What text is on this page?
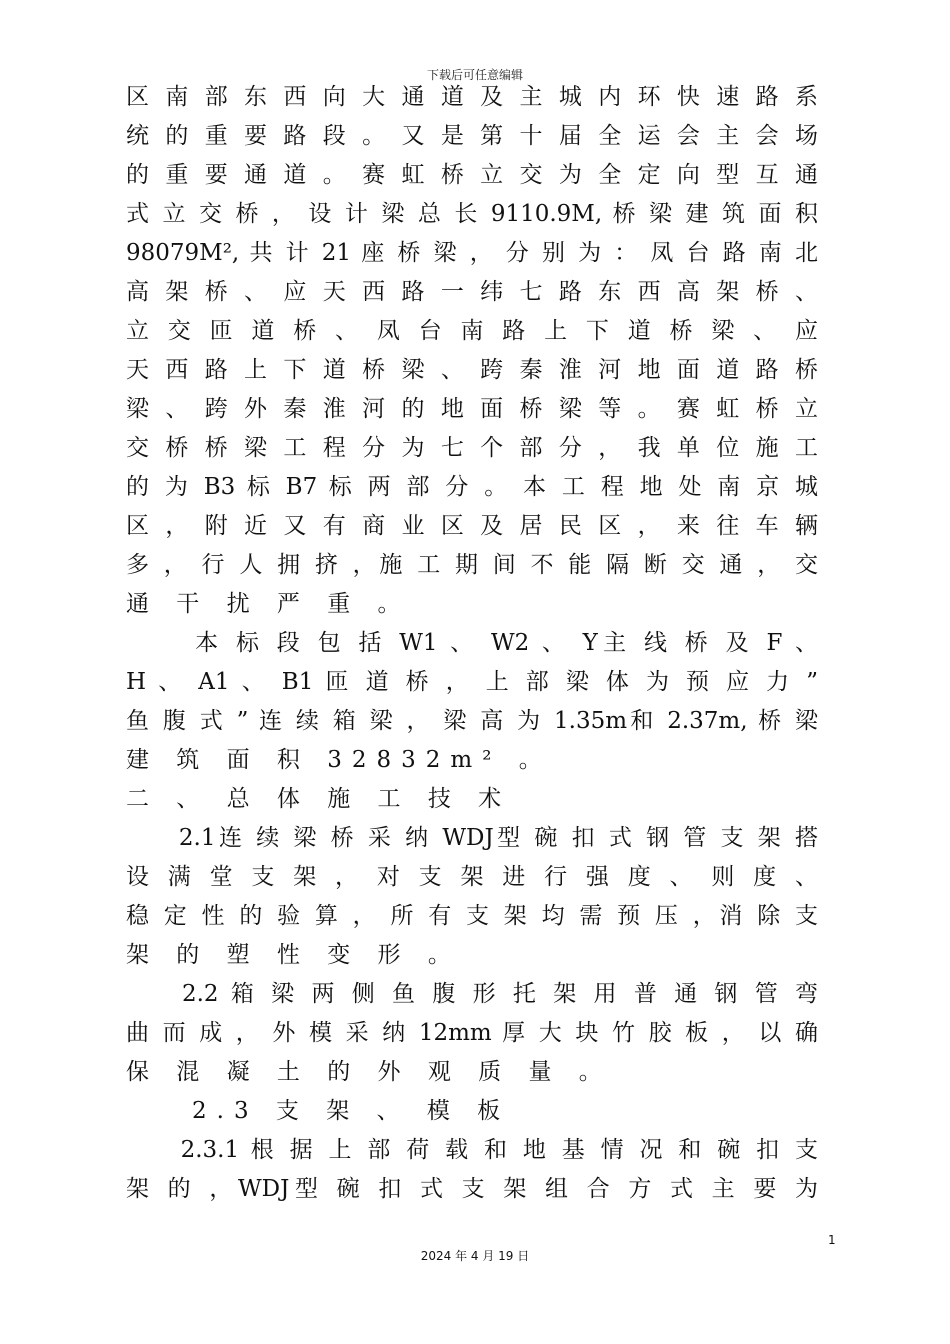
下载后可任意编辑
区 南 部 东 西 向 大 通 道 及 主 城 内 环 快 速 路 系
统 的 重 要 路 段 。 又 是 第 十 届 全 运 会 主 会 场
的 重 要 通 道 。 赛 虹 桥 立 交 为 全 定 向 型 互 通
式 立 交 桥 ， 设 计 梁 总 长 9110.9M, 桥 梁 建 筑 面 积
98079M², 共 计 21 座 桥 梁 ， 分 别 为 ： 凤 台 路 南 北
高 架 桥 、 应 天 西 路 一 纬 七 路 东 西 高 架 桥 、
立 交 匝 道 桥 、 凤 台 南 路 上 下 道 桥 梁 、 应
天 西 路 上 下 道 桥 梁 、 跨 秦 淮 河 地 面 道 路 桥
梁 、 跨 外 秦 淮 河 的 地 面 桥 梁 等 。 赛 虹 桥 立
交 桥 桥 梁 工 程 分 为 七 个 部 分 ， 我 单 位 施 工
的 为 B3 标 B7 标 两 部 分 。 本 工 程 地 处 南 京 城
区 ， 附 近 又 有 商 业 区 及 居 民 区 ， 来 往 车 辆
多 ， 行 人 拥 挤 ，施 工 期 间 不 能 隔 断 交 通 ， 交
通 干 扰 严 重 。
　　 本 标 段 包 括 W1 、 W2 、 Y主 线 桥 及 F 、
H 、 A1 、 B1 匝 道 桥 ， 上 部 梁 体 为 预 应 力 ”
鱼 腹 式 ” 连 续 箱 梁 ， 梁 高 为 1.35m和 2.37m, 桥 梁
建 筑 面 积 32832m² 。
二 、 总 体 施 工 技 术
　　2.1连 续 梁 桥 采 纳 WDJ型 碗 扣 式 钢 管 支 架 搭
设 满 堂 支 架 ， 对 支 架 进 行 强 度 、 则 度 、
稳 定 性 的 验 算 ， 所 有 支 架 均 需 预 压 ，消 除 支
架 的 塑 性 变 形 。
　　2.2 箱 梁 两 侧 鱼 腹 形 托 架 用 普 通 钢 管 弯
曲 而 成 ， 外 模 采 纳 12mm 厚 大 块 竹 胶 板 ， 以 确
保 混 凝 土 的 外 观 质 量 。
　　2.3 支 架 、 模 板
　　2.3.1 根 据 上 部 荷 载 和 地 基 情 况 和 碗 扣 支
架 的 ，WDJ型 碗 扣 式 支 架 组 合 方 式 主 要 为
1
2024 年 4 月 19 日
